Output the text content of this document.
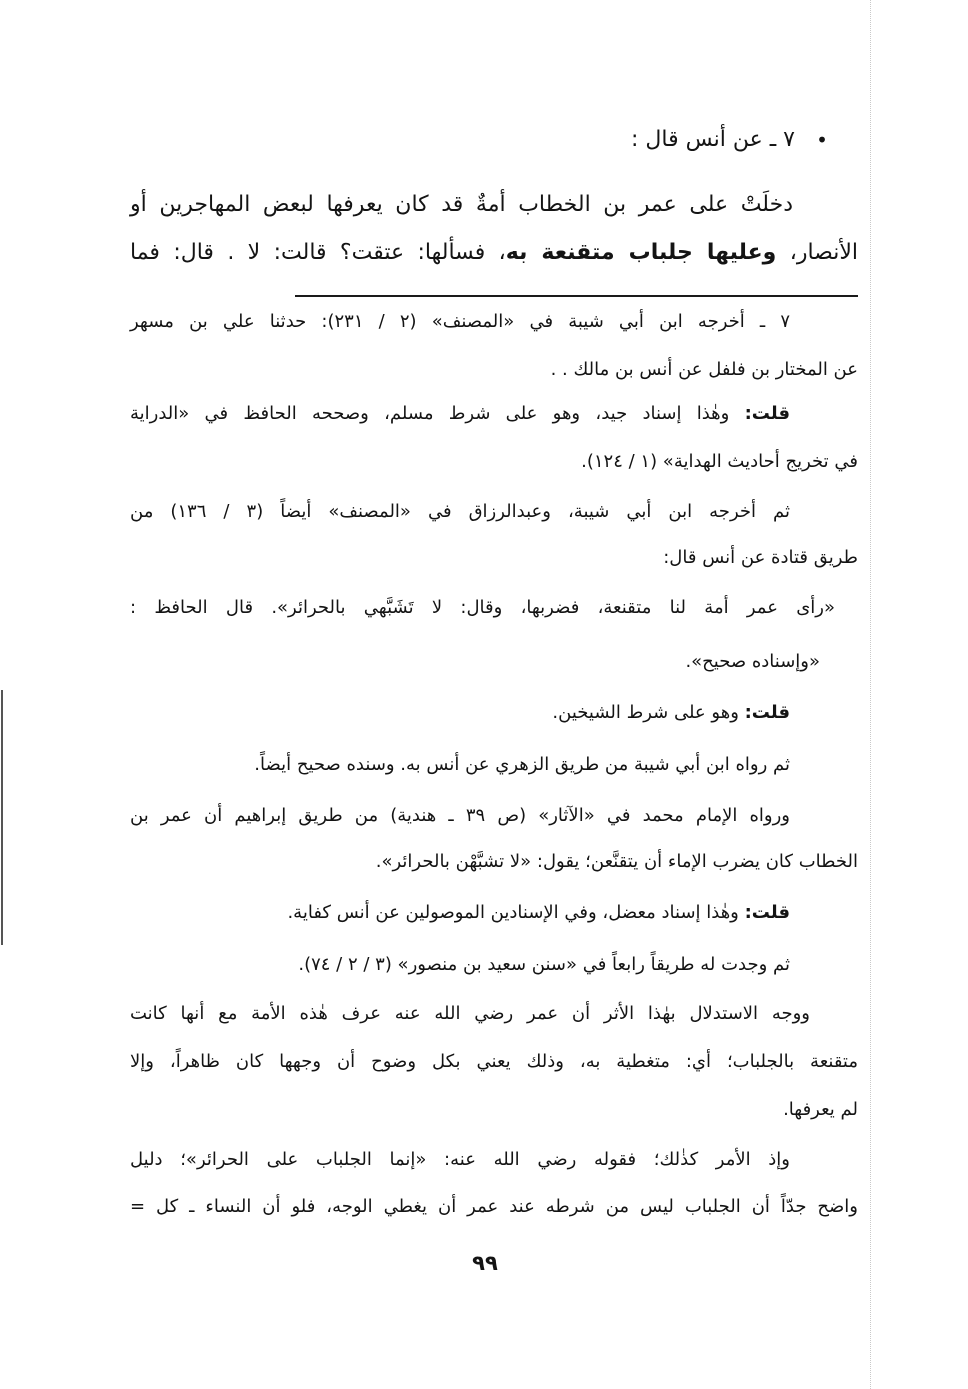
•
٧ ـ عن أنس قال :
دخلَتْ على عمر بن الخطاب أمةٌ قد كان يعرفها لبعض المهاجرين أو
الأنصار، وعليها جلباب متقنعة به، فسألها: عتقت؟ قالت: لا . قال: فما
٧ ـ أخرجه ابن أبي شيبة في «المصنف» (٢ / ٢٣١): حدثنا علي بن مسهر
عن المختار بن فلفل عن أنس بن مالك . .
قلت: وهٰذا إسناد جيد، وهو على شرط مسلم، وصححه الحافظ في «الدراية
في تخريج أحاديث الهداية» (١ / ١٢٤).
ثم أخرجه ابن أبي شيبة، وعبدالرزاق في «المصنف» أيضاً (٣ / ١٣٦) من
طريق قتادة عن أنس قال:
«رأى عمر أمة لنا متقنعة، فضربها، وقال: لا تَشَبَّهي بالحرائر». قال الحافظ :
«وإسناده صحيح».
قلت: وهو على شرط الشيخين.
ثم رواه ابن أبي شيبة من طريق الزهري عن أنس به. وسنده صحيح أيضاً.
ورواه الإمام محمد في «الآثار» (ص ٣٩ ـ هندية) من طريق إبراهيم أن عمر بن
الخطاب كان يضرب الإماء أن يتقنَّعن؛ يقول: «لا تشبَّهْن بالحرائر».
قلت: وهٰذا إسناد معضل، وفي الإسنادين الموصولين عن أنس كفاية.
ثم وجدت له طريقاً رابعاً في «سنن سعيد بن منصور» (٣ / ٢ / ٧٤).
ووجه الاستدلال بهٰذا الأثر أن عمر رضي الله عنه عرف هٰذه الأمة مع أنها كانت
متقنعة بالجلباب؛ أي: متغطية به، وذلك يعني بكل وضوح أن وجهها كان ظاهراً، وإلا
لم يعرفها.
وإذ الأمر كذٰلك؛ فقوله رضي الله عنه: «إنما الجلباب على الحرائر»؛ دليل
واضح جدّاً أن الجلباب ليس من شرطه عند عمر أن يغطي الوجه، فلو أن النساء ـ كل =
٩٩
